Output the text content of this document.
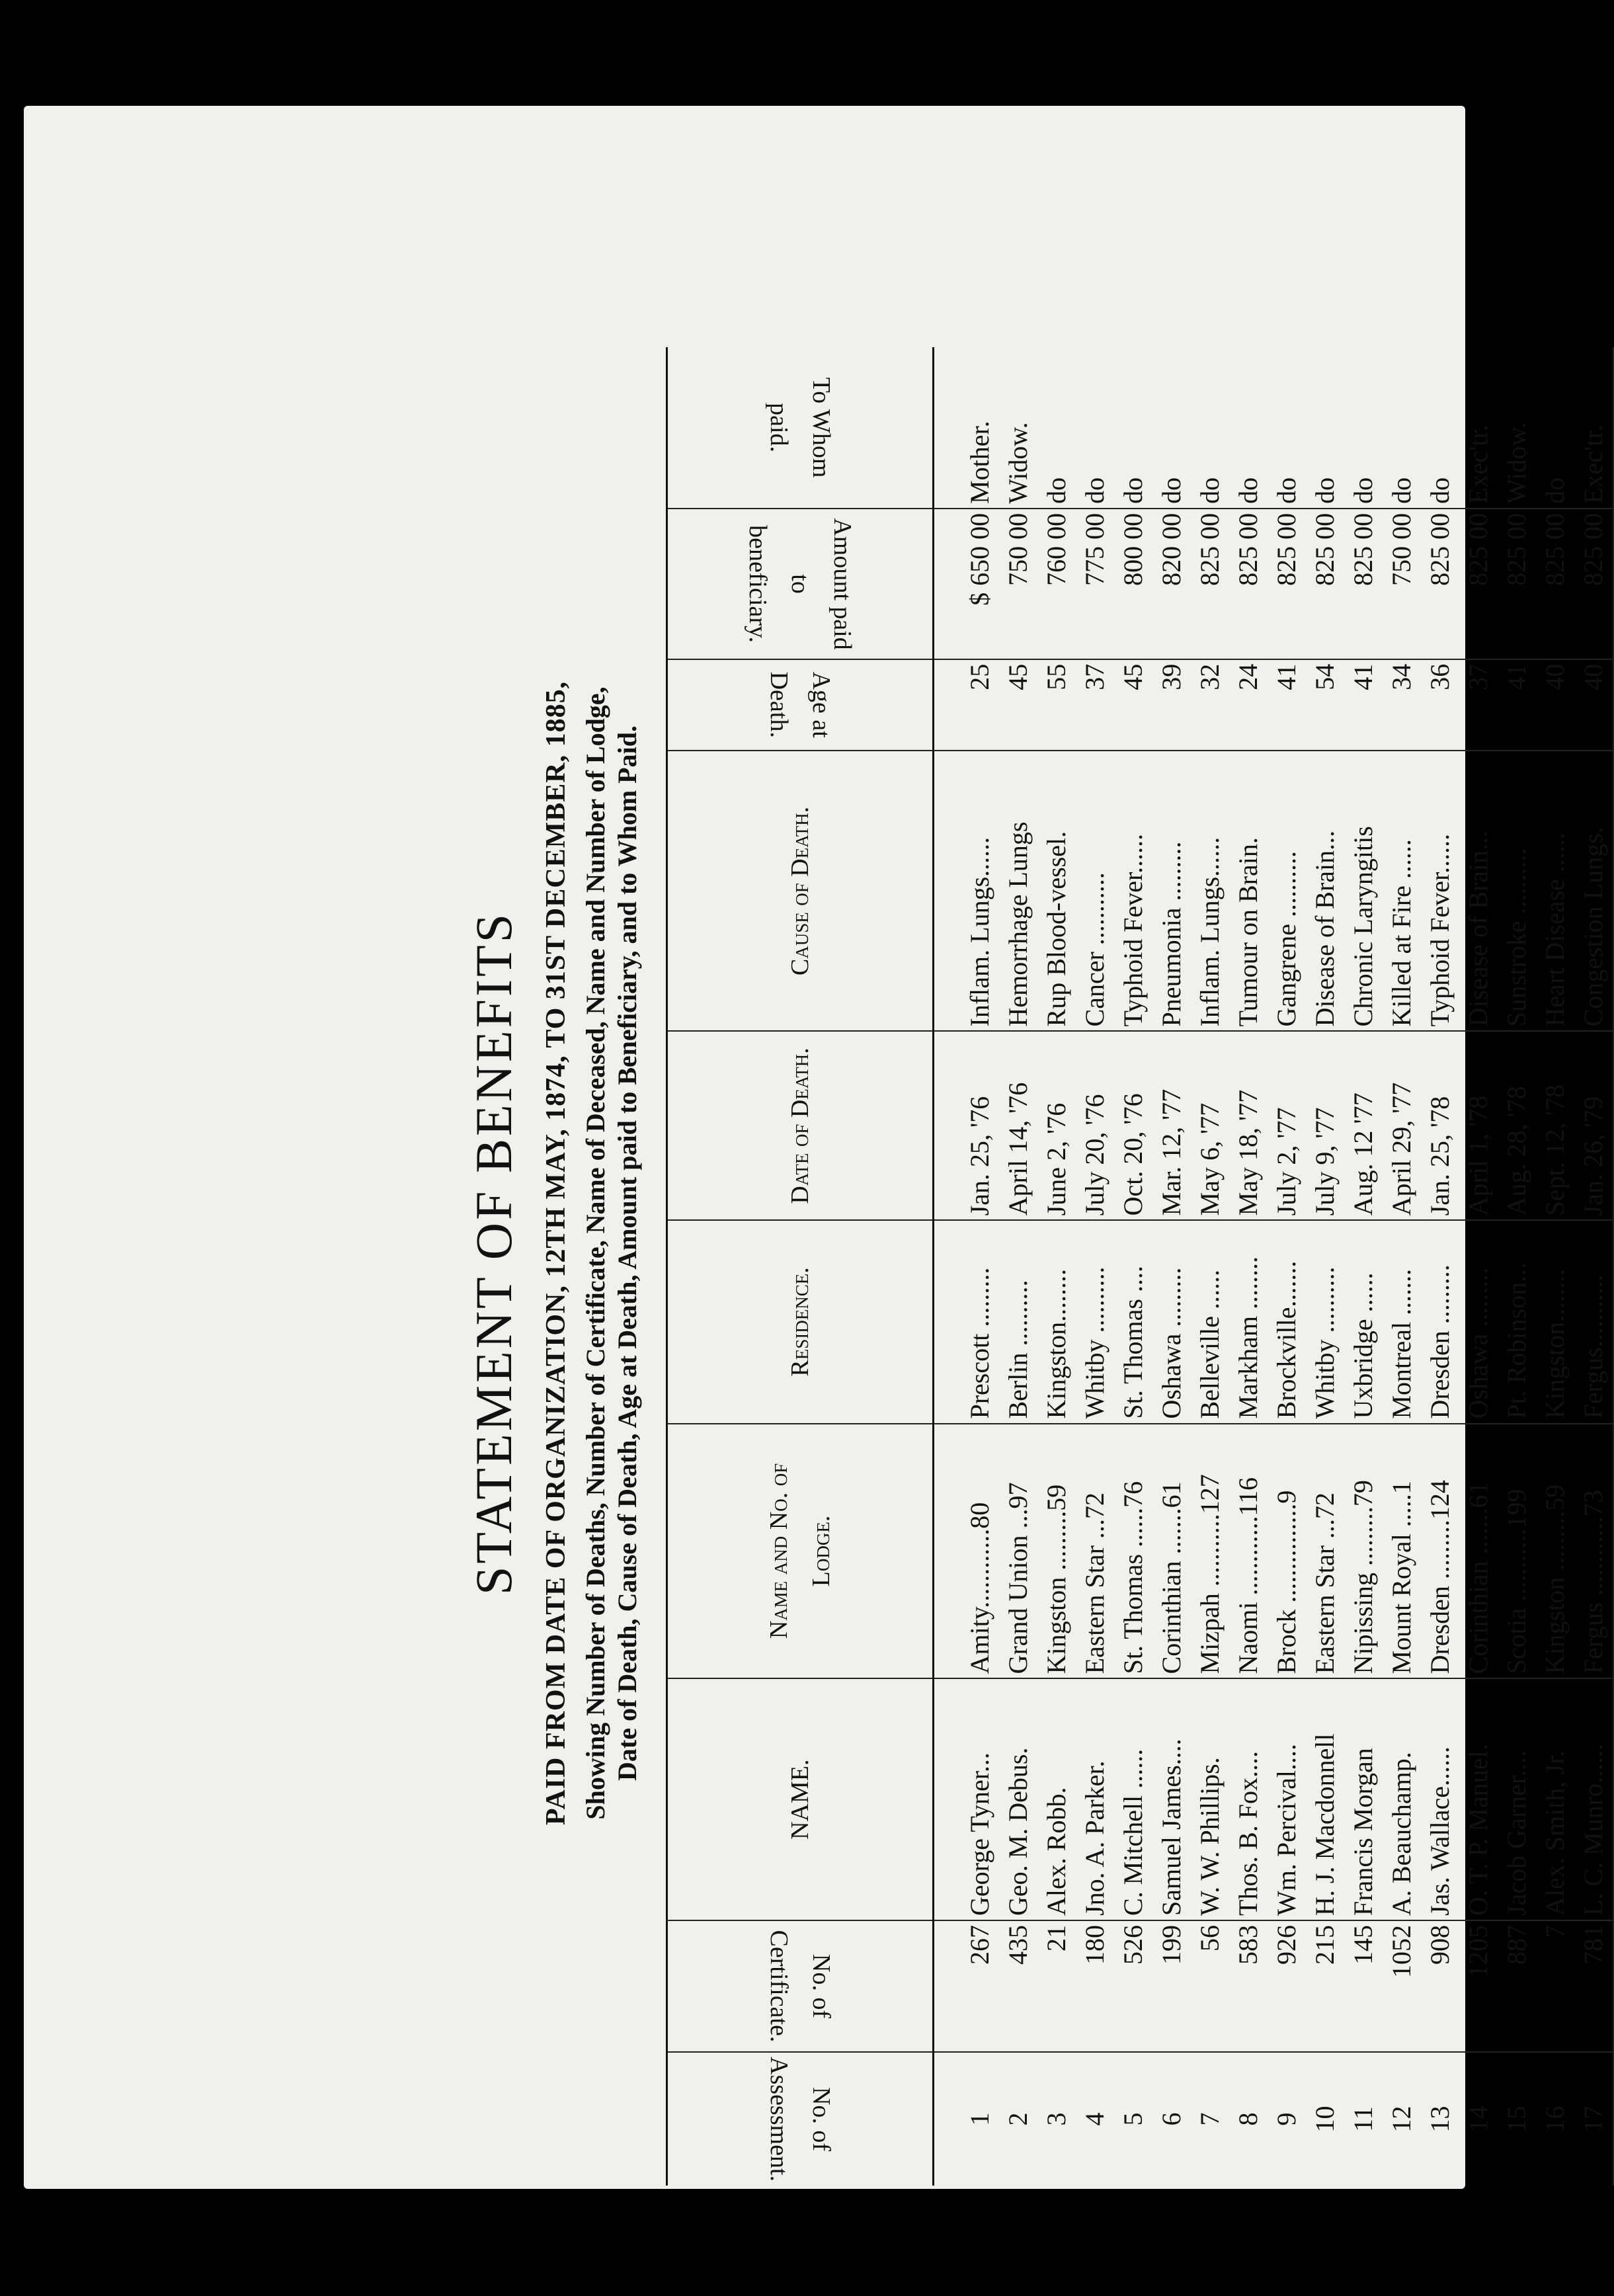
STATEMENT OF BENEFITS PAID FROM DATE OF ORGANIZATION, 12TH MAY, 1874, TO 31ST DECEMBER, 1885, Showing Number of Deaths, Number of Certificate, Name of Deceased, Name and Number of Lodge, Date of Death, Cause of Death, Age at Death, Amount paid to Beneficiary, and to Whom Paid.
No. of Assessment.	No. of Certificate.	NAME.	Name and No. of Lodge.	Residence.	Date of Death.	Cause of Death.	Age at Death.	Amount paid to beneficiary.	To Whom paid.
1	267	George Tyner...	Amity............80	Prescott .........	Jan. 25, '76	Inflam. Lungs......	25	$ 650 00	Mother.
2	435	Geo. M. Debus.	Grand Union ...97	Berlin ..........	April 14, '76	Hemorrhage Lungs	45	750 00	Widow.
3	21	Alex. Robb.	Kingston .........59	Kingston........	June 2, '76	Rup Blood-vessel.	55	760 00	do
4	180	Jno. A. Parker.	Eastern Star ...72	Whitby ..........	July 20, '76	Cancer ...........	37	775 00	do
5	526	C. Mitchell ......	St. Thomas ......76	St. Thomas ....	Oct. 20, '76	Typhoid Fever......	45	800 00	do
6	199	Samuel James....	Corinthian .......61	Oshawa .........	Mar. 12, '77	Pneumonia .........	39	820 00	do
7	56	W. W. Phillips.	Mizpah ...........127	Belleville ......	May 6, '77	Inflam. Lungs......	32	825 00	do
8	583	Thos. B. Fox....	Naomi ............116	Markham ........	May 18, '77	Tumour on Brain.	24	825 00	do
9	926	Wm. Percival....	Brock ...............9	Brockville.......	July 2, '77	Gangrene ..........	41	825 00	do
10	215	H. J. Macdonnell	Eastern Star ...72	Whitby ..........	July 9, '77	Disease of Brain...	54	825 00	do
11	145	Francis Morgan	Nipissing .........79	Uxbridge ......	Aug. 12 '77	Chronic Laryngitis	41	825 00	do
12	1052	A. Beauchamp.	Mount Royal .....1	Montreal .......	April 29, '77	Killed at Fire ......	34	750 00	do
13	908	Jas. Wallace......	Dresden .........124	Dresden .........	Jan. 25, '78	Typhoid Fever......	36	825 00	do
14	1205	O. T. P. Manuel.	Corinthian .......61	Oshawa .........	April 1, '78	Disease of Brain...	37	825 00	Exec'tr.
15	887	Jacob Garner....	Scotia ...........199	Pt. Robinson...	Aug. 28, '78	Sunstroke ..........	41	825 00	Widow.
16	7	Alex. Smith, Jr.	Kingston .........59	Kingston........	Sept. 12, '78	Heart Disease ......	40	825 00	do
17	781	L. C. Munro......	Fergus ............73	Fergus...........	Jan. 26, '79	Congestion Lungs.	40	825 00	Exec'tr.
